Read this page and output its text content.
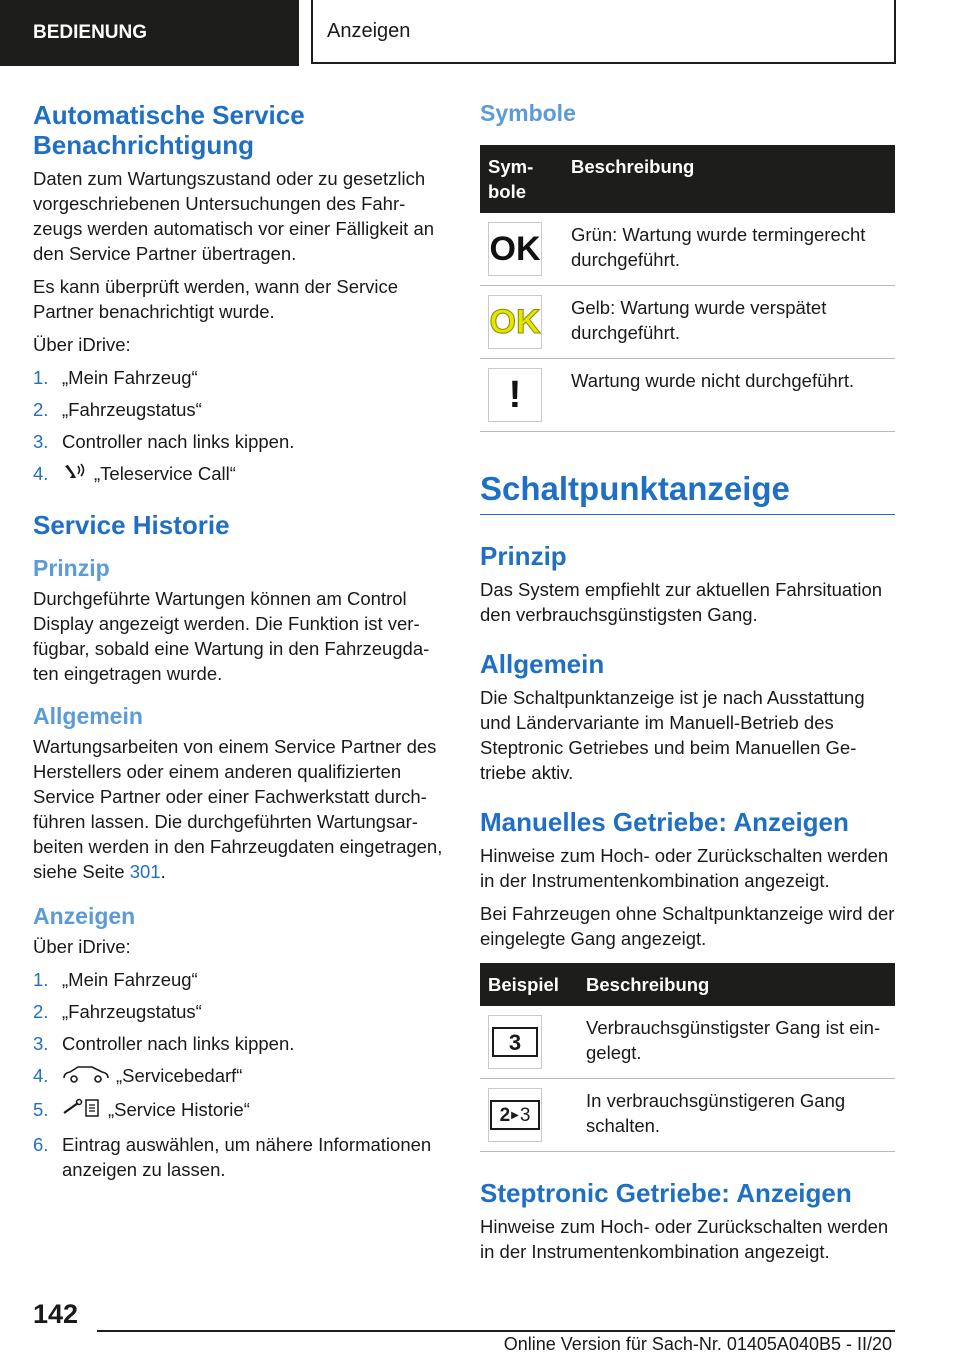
BEDIENUNG	Anzeigen
Automatische Service Benachrichtigung

Daten zum Wartungszustand oder zu gesetzlich vorgeschriebenen Untersuchungen des Fahrzeugs werden automatisch vor einer Fälligkeit an den Service Partner übertragen.

Es kann überprüft werden, wann der Service Partner benachrichtigt wurde.

Über iDrive:

1. „Mein Fahrzeug“
2. „Fahrzeugstatus“
3. Controller nach links kippen.
4. „Teleservice Call“
Service Historie
Prinzip

Durchgeführte Wartungen können am Control Display angezeigt werden. Die Funktion ist verfügbar, sobald eine Wartung in den Fahrzeugdaten eingetragen wurde.

Allgemein

Wartungsarbeiten von einem Service Partner des Herstellers oder einem anderen qualifizierten Service Partner oder einer Fachwerkstatt durchführen lassen. Die durchgeführten Wartungsarbeiten werden in den Fahrzeugdaten eingetragen, siehe Seite 301.

Anzeigen

Über iDrive:

1. „Mein Fahrzeug“
2. „Fahrzeugstatus“
3. Controller nach links kippen.
4.	„Servicebedarf“
5.	„Service Historie“
6. Eintrag auswählen, um nähere Informationen anzeigen zu lassen.
Symbole
Symbole	Beschreibung

OK	Grün: Wartung wurde termingerecht durchgeführt.

OK	Gelb: Wartung wurde verspätet durchgeführt.

!	Wartung wurde nicht durchgeführt.
Schaltpunktanzeige
Prinzip

Das System empfiehlt zur aktuellen Fahrsituation den verbrauchsgünstigsten Gang.

Allgemein

Die Schaltpunktanzeige ist je nach Ausstattung und Ländervariante im Manuell-Betrieb des Steptronic Getriebes und beim Manuellen Getriebe aktiv.

Manuelles Getriebe: Anzeigen

Hinweise zum Hoch- oder Zurückschalten werden in der Instrumentenkombination angezeigt.

Bei Fahrzeugen ohne Schaltpunktanzeige wird der eingelegte Gang angezeigt.

Beispiel	Beschreibung

3	Verbrauchsgünstigster Gang ist eingelegt.

2 ▶ 3	In verbrauchsgünstigeren Gang schalten.
Steptronic Getriebe: Anzeigen

Hinweise zum Hoch- oder Zurückschalten werden in der Instrumentenkombination angezeigt.

142
Online Version für Sach-Nr. 01405A040B5 - II/20
